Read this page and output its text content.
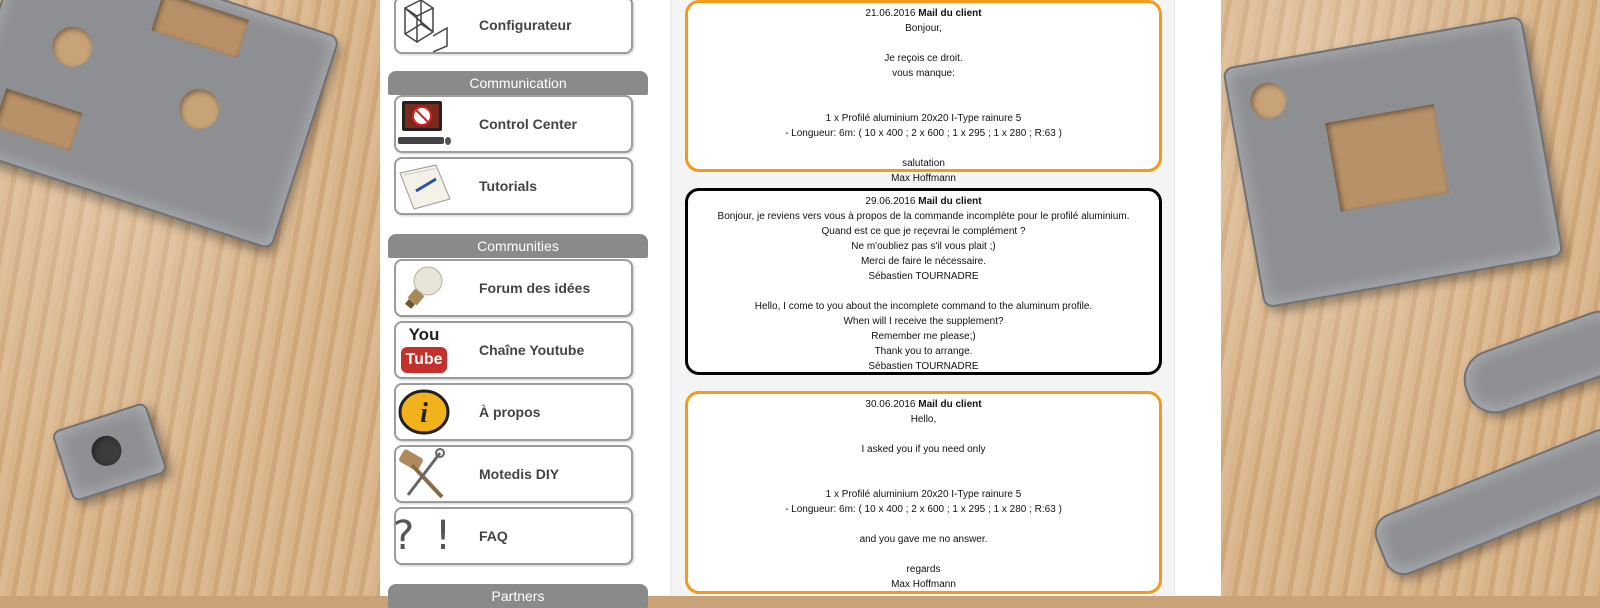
Configurateur
Communication
Control Center
Tutorials
Communities
Forum des idées
You
Tube
Chaîne Youtube
i	À propos
Motedis DIY
? ! FAQ
Partners
21.06.2016 Mail du client

Bonjour,

Je reçois ce droit.

vous manque:

1 x Profilé aluminium 20x20 I-Type rainure 5

- Longueur: 6m: ( 10 x 400 ; 2 x 600 ; 1 x 295 ; 1 x 280 ; R:63 )

salutation

Max Hoffmann

29.06.2016 Mail du client

Bonjour, je reviens vers vous à propos de la commande incomplète pour le profilé aluminium.

Quand est ce que je reçevrai le complément ?

Ne m'oubliez pas s'il vous plait ;)

Merci de faire le nécessaire.

Sébastien TOURNADRE

Hello, I come to you about the incomplete command to the aluminum profile.

When will I receive the supplement?

Remember me please;)

Thank you to arrange.

Sébastien TOURNADRE

30.06.2016 Mail du client

Hello,

I asked you if you need only

1 x Profilé aluminium 20x20 I-Type rainure 5

- Longueur: 6m: ( 10 x 400 ; 2 x 600 ; 1 x 295 ; 1 x 280 ; R:63 )

and you gave me no answer.

regards

Max Hoffmann
